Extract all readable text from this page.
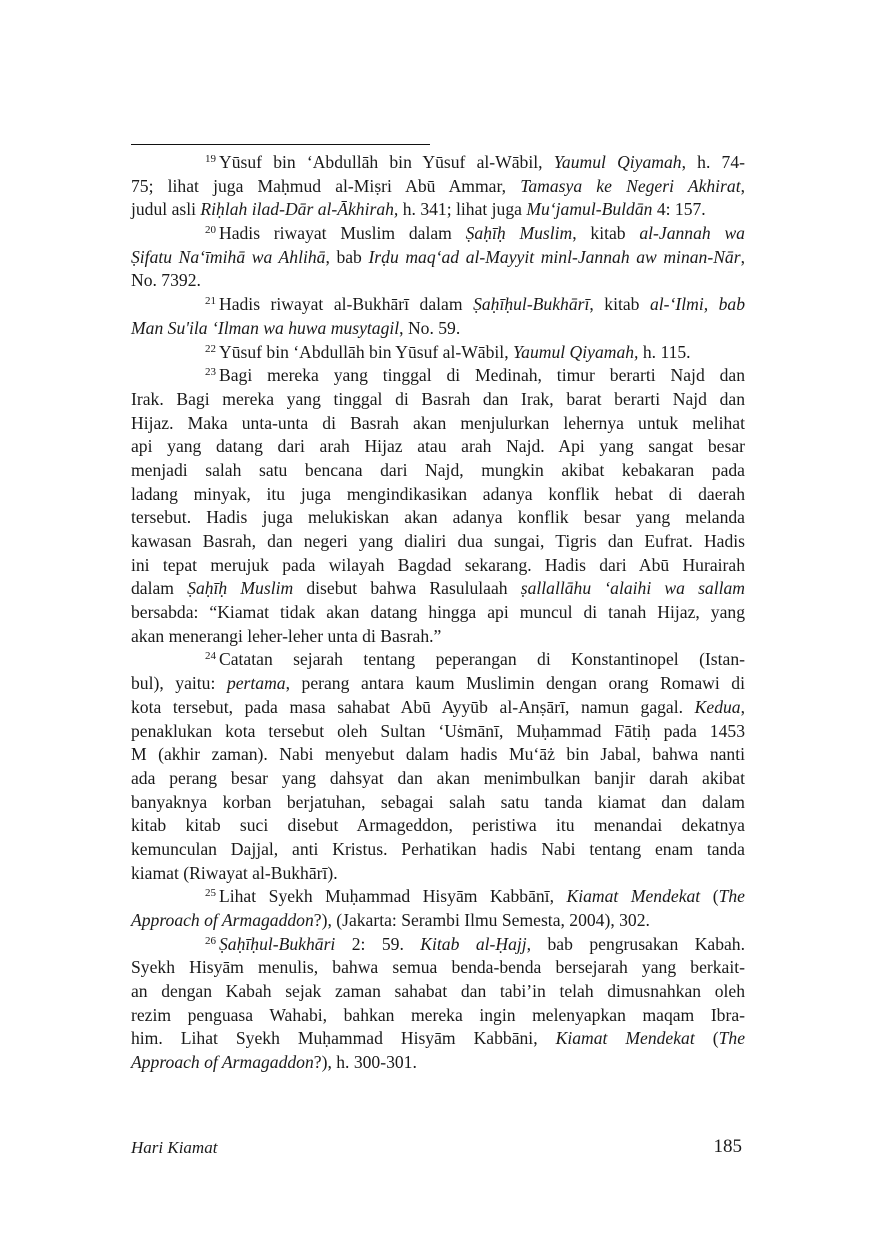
$^{19}$ Yūsuf bin ‘Abdullāh bin Yūsuf al-Wābil, Yaumul Qiyamah, h. 74-
75; lihat juga Maḥmud al-Miṣri Abū Ammar, Tamasya ke Negeri Akhirat,
judul asli Riḥlah ilad-Dār al-Ākhirah, h. 341; lihat juga Mu‘jamul-Buldān 4: 157.
$^{20}$ Hadis riwayat Muslim dalam Ṣaḥīḥ Muslim, kitab al-Jannah wa
Ṣifatu Na‘īmihā wa Ahlihā, bab Irḍu maq‘ad al-Mayyit minl-Jannah aw minan-Nār,
No. 7392.
$^{21}$ Hadis riwayat al-Bukhārī dalam Ṣaḥīḥul-Bukhārī, kitab al-‘Ilmi, bab
Man Su'ila ‘Ilman wa huwa musytagil, No. 59.
$^{22}$ Yūsuf bin ‘Abdullāh bin Yūsuf al-Wābil, Yaumul Qiyamah, h. 115.
$^{23}$ Bagi mereka yang tinggal di Medinah, timur berarti Najd dan
Irak. Bagi mereka yang tinggal di Basrah dan Irak, barat berarti Najd dan
Hijaz. Maka unta-unta di Basrah akan menjulurkan lehernya untuk melihat
api yang datang dari arah Hijaz atau arah Najd. Api yang sangat besar
menjadi salah satu bencana dari Najd, mungkin akibat kebakaran pada
ladang minyak, itu juga mengindikasikan adanya konflik hebat di daerah
tersebut. Hadis juga melukiskan akan adanya konflik besar yang melanda
kawasan Basrah, dan negeri yang dialiri dua sungai, Tigris dan Eufrat. Hadis
ini tepat merujuk pada wilayah Bagdad sekarang. Hadis dari Abū Hurairah
dalam Ṣaḥīḥ Muslim disebut bahwa Rasululaah ṣallallāhu ‘alaihi wa sallam
bersabda: “Kiamat tidak akan datang hingga api muncul di tanah Hijaz, yang
akan menerangi leher-leher unta di Basrah.”
$^{24}$ Catatan sejarah tentang peperangan di Konstantinopel (Istan-
bul), yaitu: pertama, perang antara kaum Muslimin dengan orang Romawi di
kota tersebut, pada masa sahabat Abū Ayyūb al-Anṣārī, namun gagal. Kedua,
penaklukan kota tersebut oleh Sultan ‘Uṡmānī, Muḥammad Fātiḥ pada 1453
M (akhir zaman). Nabi menyebut dalam hadis Mu‘āż bin Jabal, bahwa nanti
ada perang besar yang dahsyat dan akan menimbulkan banjir darah akibat
banyaknya korban berjatuhan, sebagai salah satu tanda kiamat dan dalam
kitab kitab suci disebut Armageddon, peristiwa itu menandai dekatnya
kemunculan Dajjal, anti Kristus. Perhatikan hadis Nabi tentang enam tanda
kiamat (Riwayat al-Bukhārī).
$^{25}$ Lihat Syekh Muḥammad Hisyām Kabbānī, Kiamat Mendekat (The
Approach of Armagaddon?), (Jakarta: Serambi Ilmu Semesta, 2004), 302.
$^{26}$ Ṣaḥīḥul-Bukhāri 2: 59. Kitab al-Ḥajj, bab pengrusakan Kabah.
Syekh Hisyām menulis, bahwa semua benda-benda bersejarah yang berkait-
an dengan Kabah sejak zaman sahabat dan tabi’in telah dimusnahkan oleh
rezim penguasa Wahabi, bahkan mereka ingin melenyapkan maqam Ibra-
him. Lihat Syekh Muḥammad Hisyām Kabbāni, Kiamat Mendekat (The
Approach of Armagaddon?), h. 300-301.
Hari Kiamat	185
